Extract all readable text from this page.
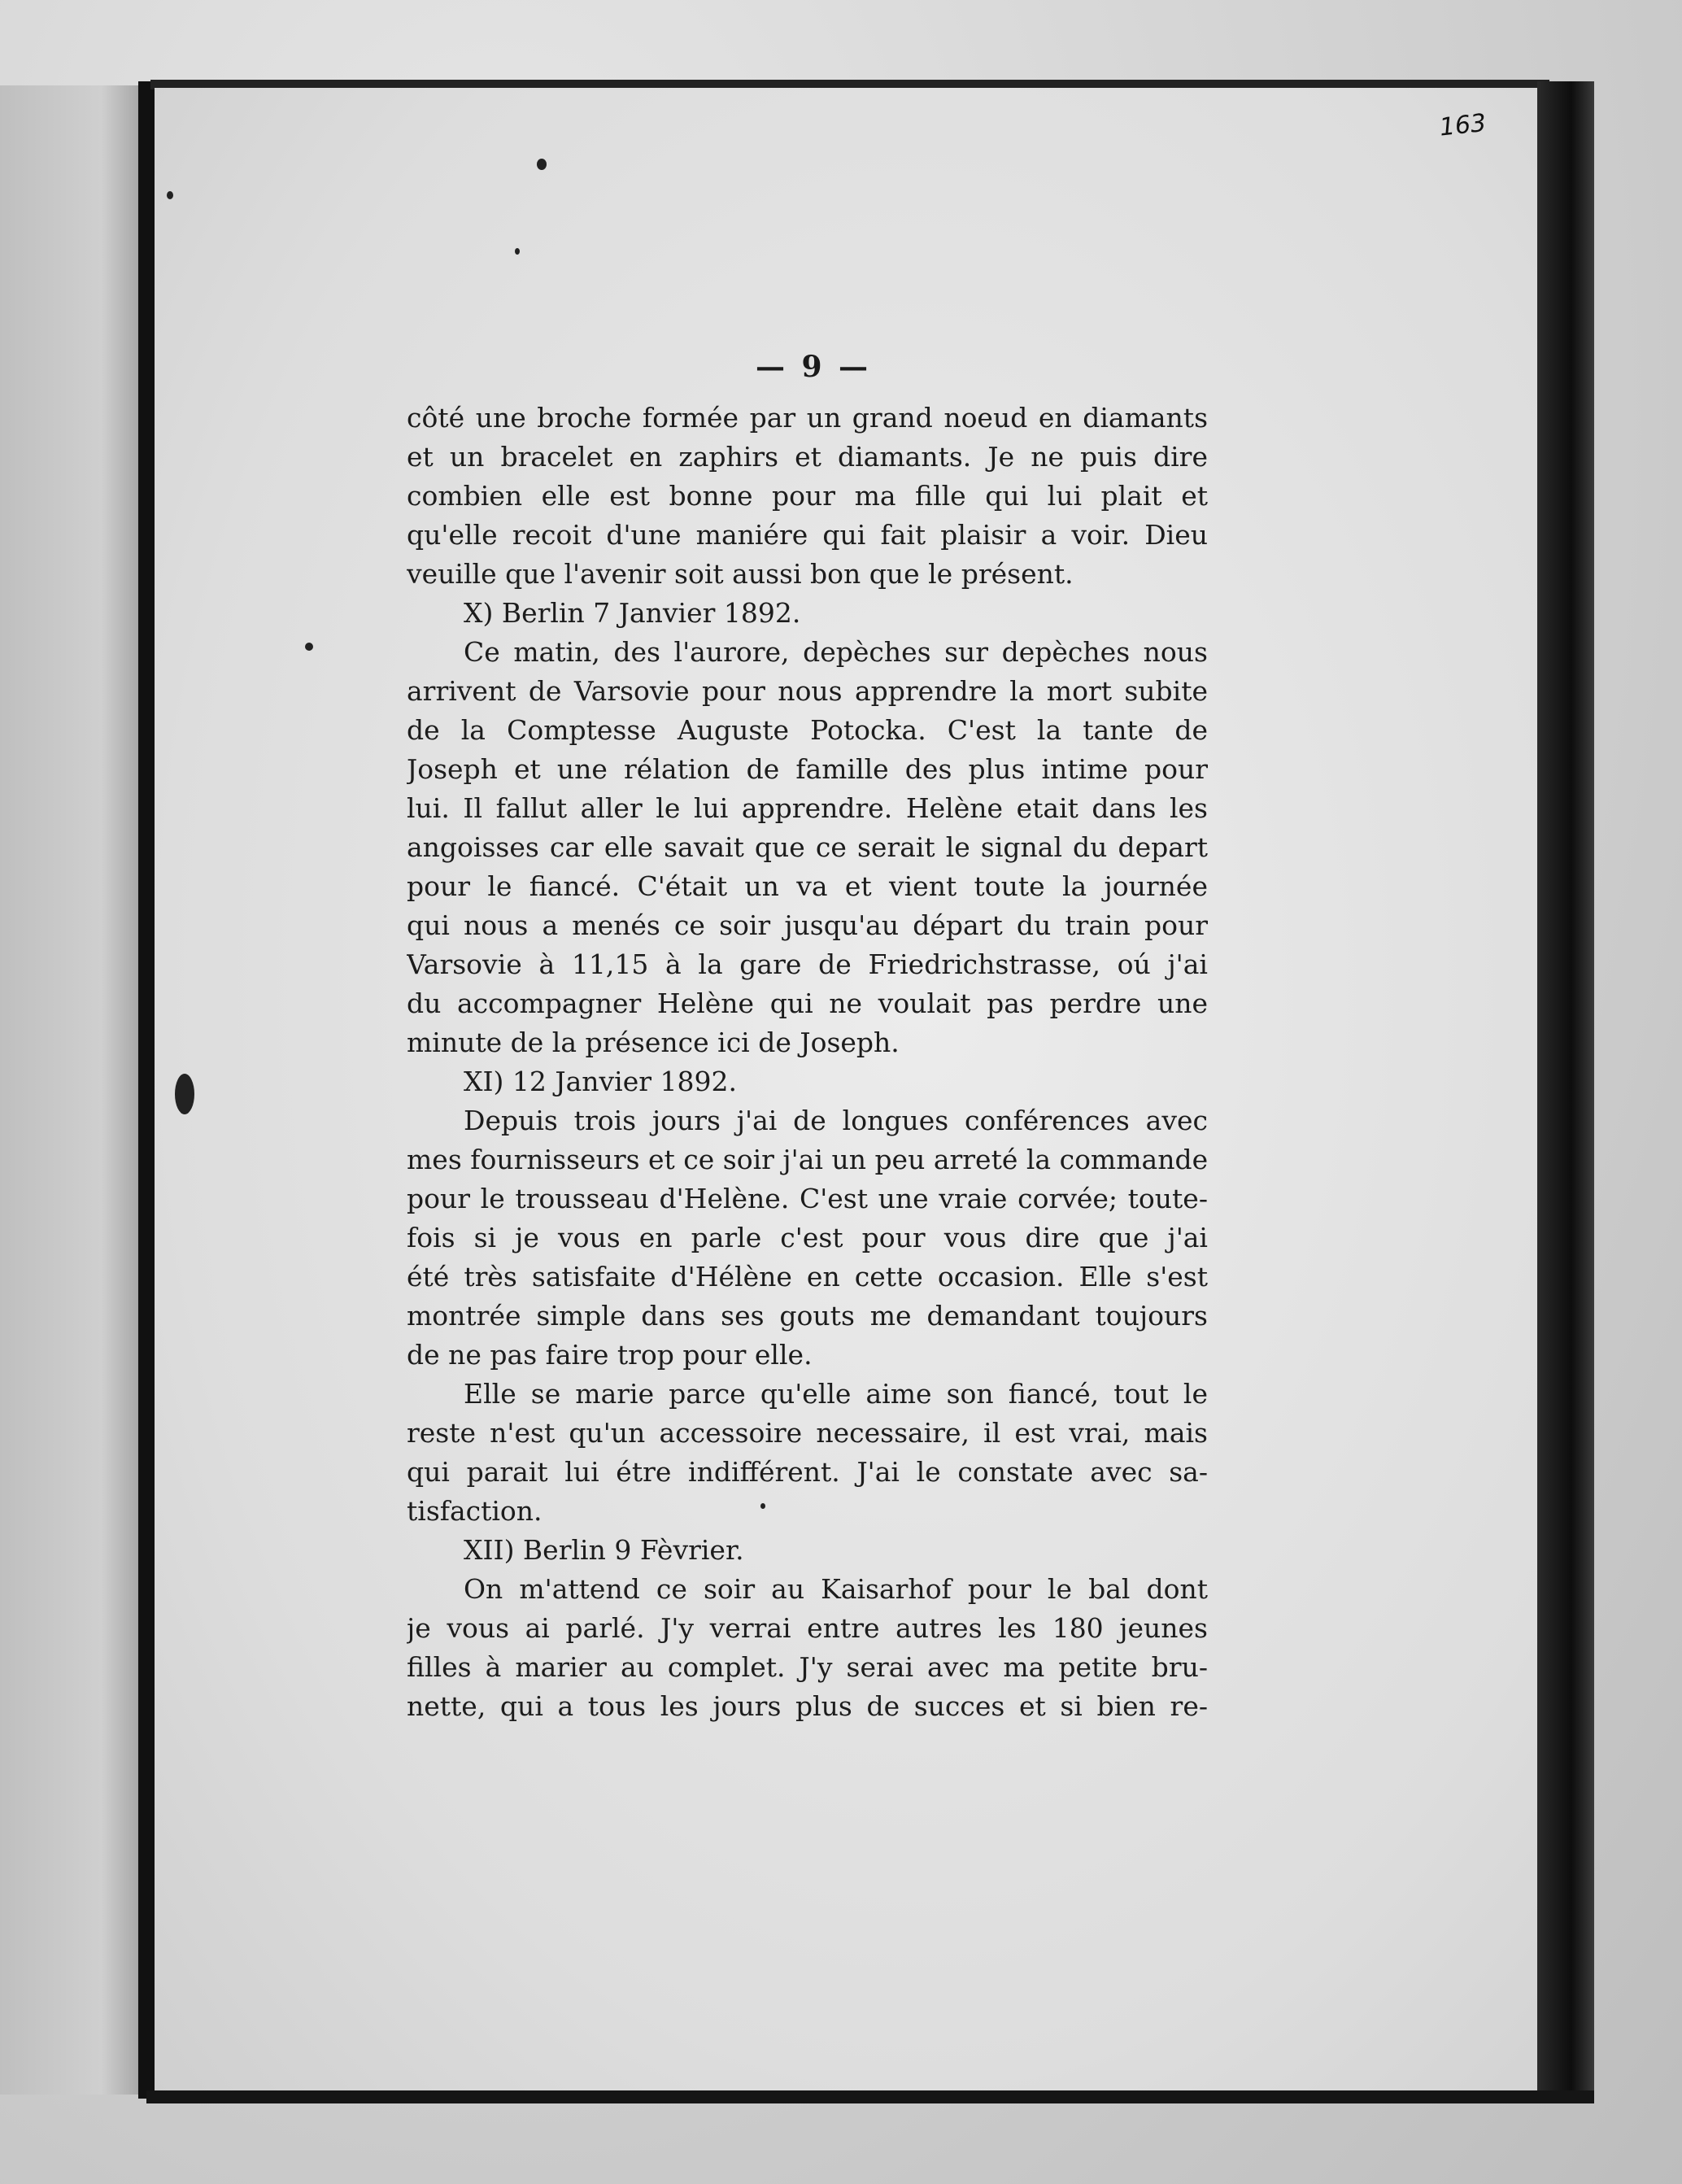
163
— 9 —
côté une broche formée par un grand noeud en diamants
et un bracelet en zaphirs et diamants. Je ne puis dire
combien elle est bonne pour ma fille qui lui plait et
qu'elle recoit d'une maniére qui fait plaisir a voir. Dieu
veuille que l'avenir soit aussi bon que le présent.
X) Berlin 7 Janvier 1892.
Ce matin, des l'aurore, depèches sur depèches nous
arrivent de Varsovie pour nous apprendre la mort subite
de la Comptesse Auguste Potocka. C'est la tante de
Joseph et une rélation de famille des plus intime pour
lui. Il fallut aller le lui apprendre. Helène etait dans les
angoisses car elle savait que ce serait le signal du depart
pour le fiancé. C'était un va et vient toute la journée
qui nous a menés ce soir jusqu'au départ du train pour
Varsovie à 11,15 à la gare de Friedrichstrasse, oú j'ai
du accompagner Helène qui ne voulait pas perdre une
minute de la présence ici de Joseph.
XI) 12 Janvier 1892.
Depuis trois jours j'ai de longues conférences avec
mes fournisseurs et ce soir j'ai un peu arreté la commande
pour le trousseau d'Helène. C'est une vraie corvée; toute-
fois si je vous en parle c'est pour vous dire que j'ai
été très satisfaite d'Hélène en cette occasion. Elle s'est
montrée simple dans ses gouts me demandant toujours
de ne pas faire trop pour elle.
Elle se marie parce qu'elle aime son fiancé, tout le
reste n'est qu'un accessoire necessaire, il est vrai, mais
qui parait lui étre indifférent. J'ai le constate avec sa-
tisfaction.
XII) Berlin 9 Fèvrier.
On m'attend ce soir au Kaisarhof pour le bal dont
je vous ai parlé. J'y verrai entre autres les 180 jeunes
filles à marier au complet. J'y serai avec ma petite bru-
nette, qui a tous les jours plus de succes et si bien re-
